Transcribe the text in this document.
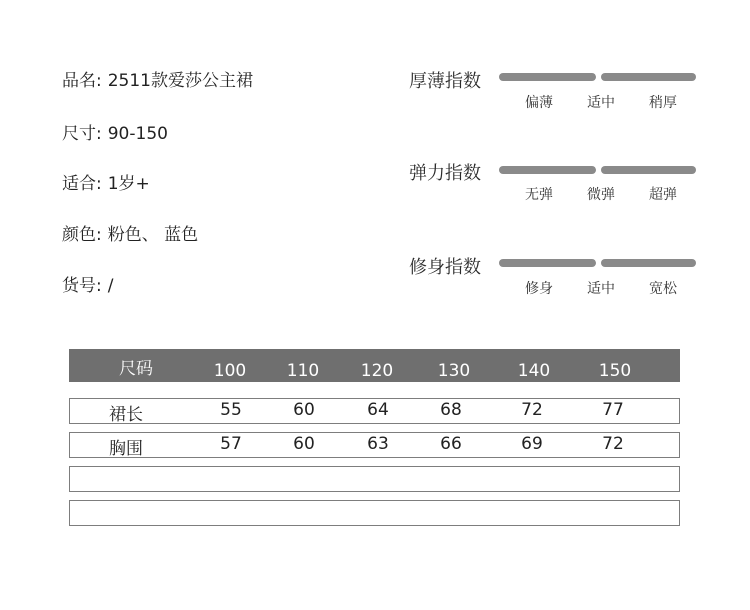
品名: 2511款爱莎公主裙
尺寸: 90-150
适合: 1岁+
颜色: 粉色、 蓝色
货号: /
厚薄指数
偏薄	适中	稍厚
弹力指数
无弹	微弹	超弹
修身指数
修身	适中	宽松
尺码	100	110	120	130	140	150
裙长	55	60	64	68	72	77
胸围	57	60	63	66	69	72
